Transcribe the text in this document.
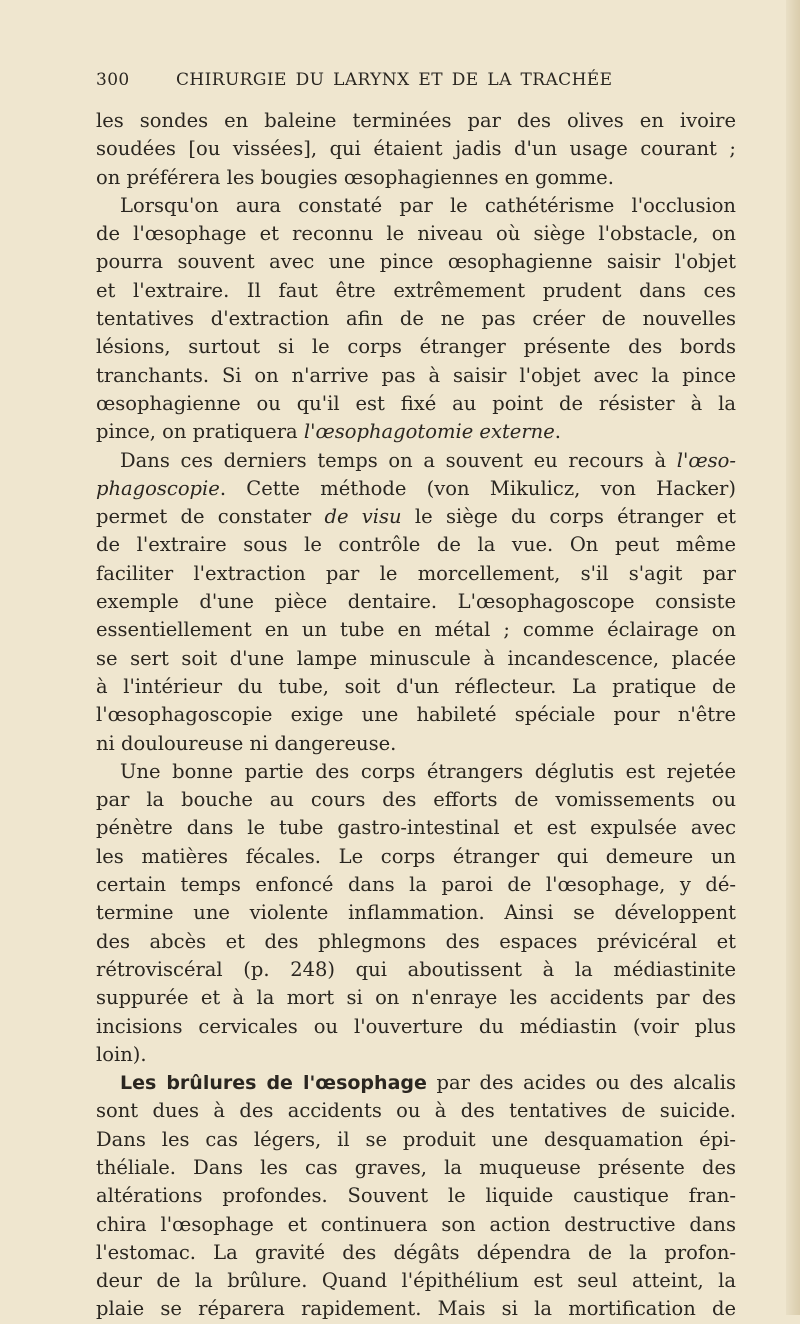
300	CHIRURGIE DU LARYNX ET DE LA TRACHÉE
les sondes en baleine terminées par des olives en ivoire
soudées [ou vissées], qui étaient jadis d'un usage courant ;
on préférera les bougies œsophagiennes en gomme.
Lorsqu'on aura constaté par le cathétérisme l'occlusion
de l'œsophage et reconnu le niveau où siège l'obstacle, on
pourra souvent avec une pince œsophagienne saisir l'objet
et l'extraire. Il faut être extrêmement prudent dans ces
tentatives d'extraction afin de ne pas créer de nouvelles
lésions, surtout si le corps étranger présente des bords
tranchants. Si on n'arrive pas à saisir l'objet avec la pince
œsophagienne ou qu'il est fixé au point de résister à la
pince, on pratiquera l'œsophagotomie externe.
Dans ces derniers temps on a souvent eu recours à l'œso-
phagoscopie. Cette méthode (von Mikulicz, von Hacker)
permet de constater de visu le siège du corps étranger et
de l'extraire sous le contrôle de la vue. On peut même
faciliter l'extraction par le morcellement, s'il s'agit par
exemple d'une pièce dentaire. L'œsophagoscope consiste
essentiellement en un tube en métal ; comme éclairage on
se sert soit d'une lampe minuscule à incandescence, placée
à l'intérieur du tube, soit d'un réflecteur. La pratique de
l'œsophagoscopie exige une habileté spéciale pour n'être
ni douloureuse ni dangereuse.
Une bonne partie des corps étrangers déglutis est rejetée
par la bouche au cours des efforts de vomissements ou
pénètre dans le tube gastro-intestinal et est expulsée avec
les matières fécales. Le corps étranger qui demeure un
certain temps enfoncé dans la paroi de l'œsophage, y dé-
termine une violente inflammation. Ainsi se développent
des abcès et des phlegmons des espaces prévicéral et
rétroviscéral (p. 248) qui aboutissent à la médiastinite
suppurée et à la mort si on n'enraye les accidents par des
incisions cervicales ou l'ouverture du médiastin (voir plus
loin).
Les brûlures de l'œsophage par des acides ou des alcalis
sont dues à des accidents ou à des tentatives de suicide.
Dans les cas légers, il se produit une desquamation épi-
théliale. Dans les cas graves, la muqueuse présente des
altérations profondes. Souvent le liquide caustique fran-
chira l'œsophage et continuera son action destructive dans
l'estomac. La gravité des dégâts dépendra de la profon-
deur de la brûlure. Quand l'épithélium est seul atteint, la
plaie se réparera rapidement. Mais si la mortification de
